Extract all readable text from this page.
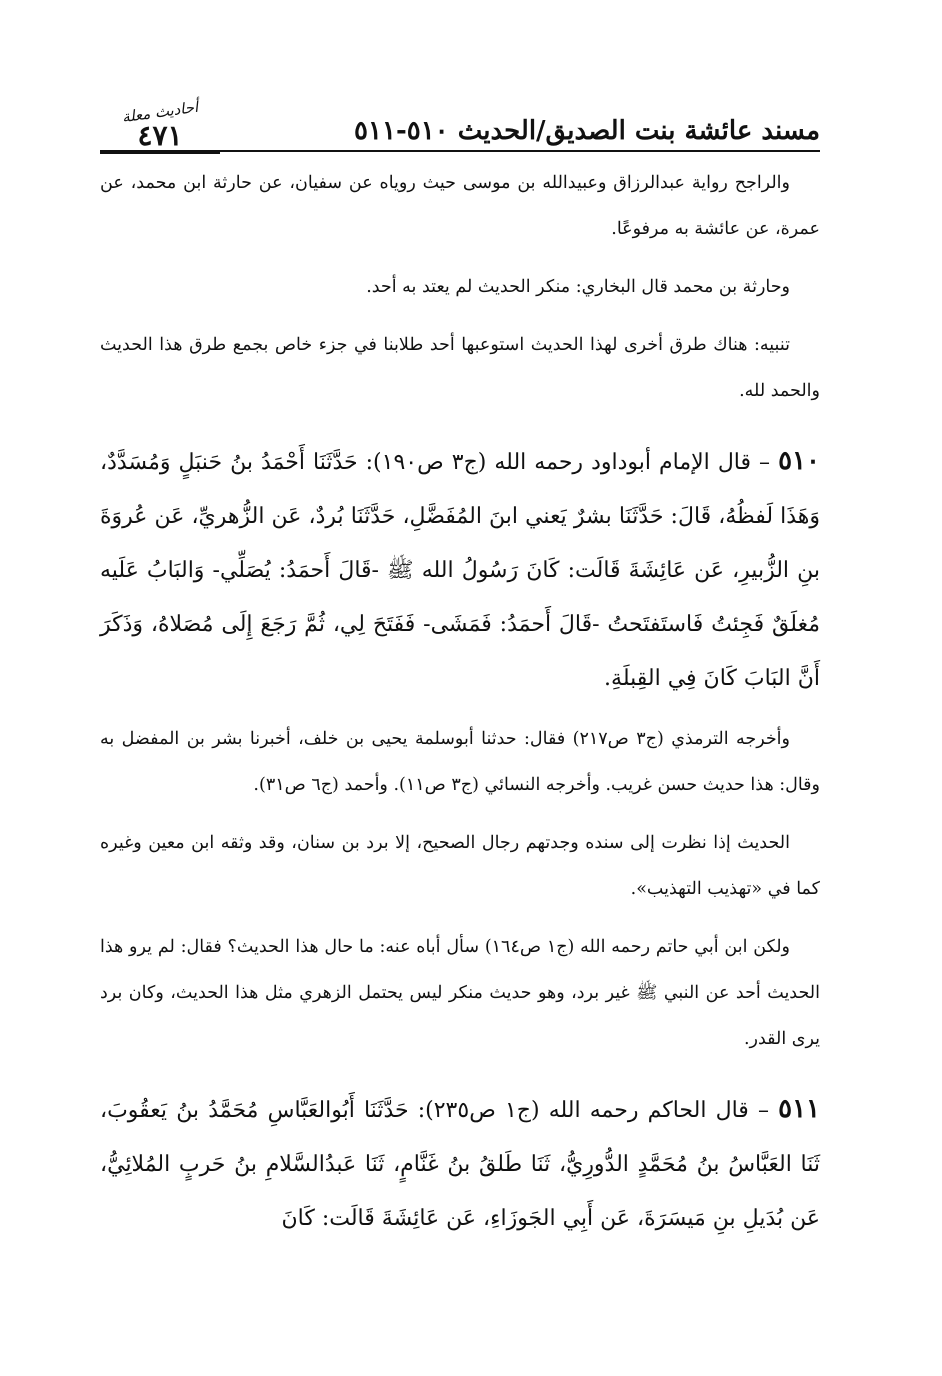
مسند عائشة بنت الصديق/الحديث ٥١٠-٥١١
أحاديث معلة
٤٧١

والراجح رواية عبدالرزاق وعبيدالله بن موسى حيث روياه عن سفيان، عن حارثة ابن محمد، عن عمرة، عن عائشة به مرفوعًا.

وحارثة بن محمد قال البخاري: منكر الحديث لم يعتد به أحد.

تنبيه: هناك طرق أخرى لهذا الحديث استوعبها أحد طلابنا في جزء خاص بجمع طرق هذا الحديث والحمد لله.

٥١٠ – قال الإمام أبوداود رحمه الله (ج٣ ص١٩٠): حَدَّثَنَا أَحْمَدُ بنُ حَنبَلٍ وَمُسَدَّدٌ، وَهَذَا لَفظُهُ، قَالَ: حَدَّثَنَا بشرٌ يَعني ابنَ المُفَضَّلِ، حَدَّثَنَا بُردٌ، عَن الزُّهريِّ، عَن عُروَةَ بنِ الزُّبيرِ، عَن عَائِشَةَ قَالَت: كَانَ رَسُولُ الله ﷺ -قَالَ أَحمَدُ: يُصَلِّي- وَالبَابُ عَلَيه مُغلَقٌ فَجِئتُ فَاستَفتَحتُ -قَالَ أَحمَدُ: فَمَشَى- فَفَتَحَ لِي، ثُمَّ رَجَعَ إِلَى مُصَلاهُ، وَذَكَرَ أَنَّ البَابَ كَانَ فِي القِبلَةِ.

وأخرجه الترمذي (ج٣ ص٢١٧) فقال: حدثنا أبوسلمة يحيى بن خلف، أخبرنا بشر بن المفضل به وقال: هذا حديث حسن غريب. وأخرجه النسائي (ج٣ ص١١). وأحمد (ج٦ ص٣١).

الحديث إذا نظرت إلى سنده وجدتهم رجال الصحيح، إلا برد بن سنان، وقد وثقه ابن معين وغيره كما في «تهذيب التهذيب».

ولكن ابن أبي حاتم رحمه الله (ج١ ص١٦٤) سأل أباه عنه: ما حال هذا الحديث؟ فقال: لم يرو هذا الحديث أحد عن النبي ﷺ غير برد، وهو حديث منكر ليس يحتمل الزهري مثل هذا الحديث، وكان برد يرى القدر.

٥١١ – قال الحاكم رحمه الله (ج١ ص٢٣٥): حَدَّثَنَا أَبُوالعَبَّاسِ مُحَمَّدُ بنُ يَعقُوبَ، ثَنَا العَبَّاسُ بنُ مُحَمَّدٍ الدُّورِيُّ، ثَنَا طَلقُ بنُ غَنَّامٍ، ثَنَا عَبدُالسَّلامِ بنُ حَربٍ المُلائِيُّ، عَن بُدَيلِ بنِ مَيسَرَةَ، عَن أَبِي الجَوزَاءِ، عَن عَائِشَةَ قَالَت: كَانَ
